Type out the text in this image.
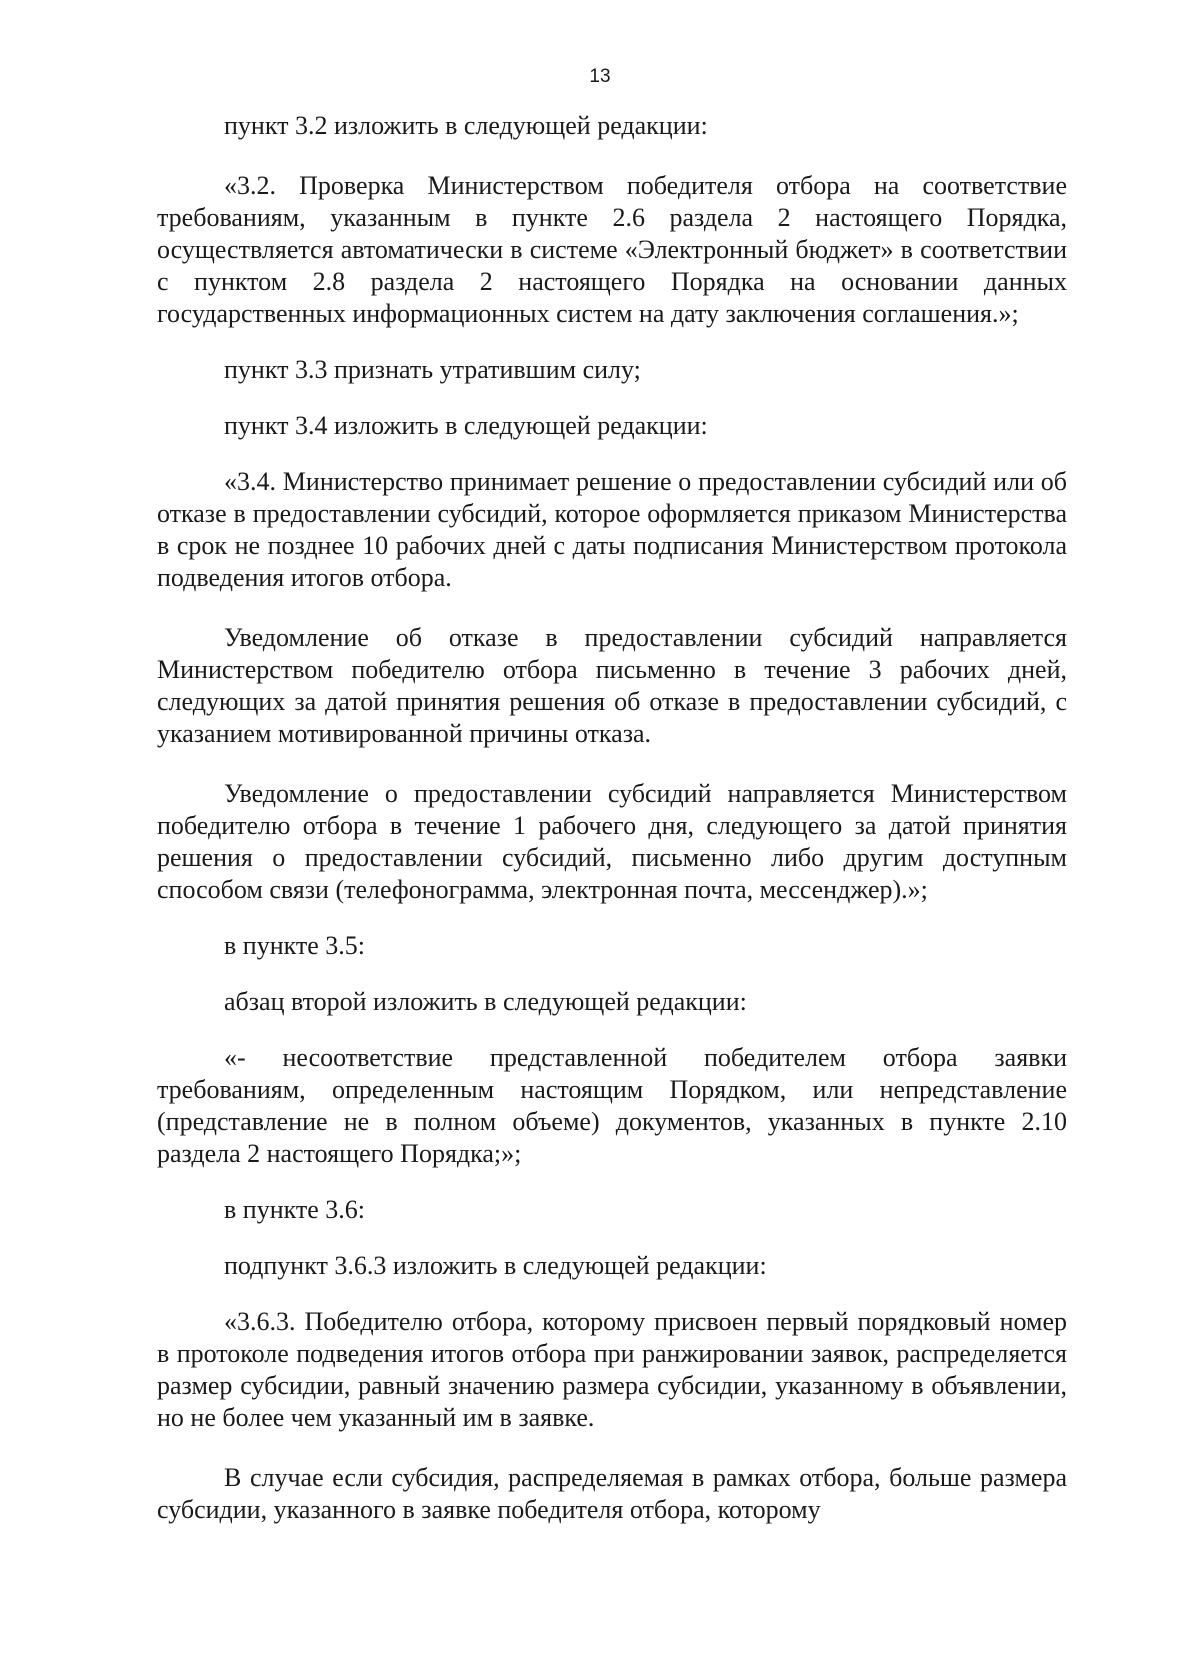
13

пункт 3.2 изложить в следующей редакции:

«3.2. Проверка Министерством победителя отбора на соответствие требованиям, указанным в пункте 2.6 раздела 2 настоящего Порядка, осуществляется автоматически в системе «Электронный бюджет» в соответствии с пунктом 2.8 раздела 2 настоящего Порядка на основании данных государственных информационных систем на дату заключения соглашения.»;

пункт 3.3 признать утратившим силу;

пункт 3.4 изложить в следующей редакции:

«3.4. Министерство принимает решение о предоставлении субсидий или об отказе в предоставлении субсидий, которое оформляется приказом Министерства в срок не позднее 10 рабочих дней с даты подписания Министерством протокола подведения итогов отбора.

Уведомление об отказе в предоставлении субсидий направляется Министерством победителю отбора письменно в течение 3 рабочих дней, следующих за датой принятия решения об отказе в предоставлении субсидий, с указанием мотивированной причины отказа.

Уведомление о предоставлении субсидий направляется Министерством победителю отбора в течение 1 рабочего дня, следующего за датой принятия решения о предоставлении субсидий, письменно либо другим доступным способом связи (телефонограмма, электронная почта, мессенджер).»;

в пункте 3.5:

абзац второй изложить в следующей редакции:

«- несоответствие представленной победителем отбора заявки требованиям, определенным настоящим Порядком, или непредставление (представление не в полном объеме) документов, указанных в пункте 2.10 раздела 2 настоящего Порядка;»;

в пункте 3.6:

подпункт 3.6.3 изложить в следующей редакции:

«3.6.3. Победителю отбора, которому присвоен первый порядковый номер в протоколе подведения итогов отбора при ранжировании заявок, распределяется размер субсидии, равный значению размера субсидии, указанному в объявлении, но не более чем указанный им в заявке.

В случае если субсидия, распределяемая в рамках отбора, больше размера субсидии, указанного в заявке победителя отбора, которому
